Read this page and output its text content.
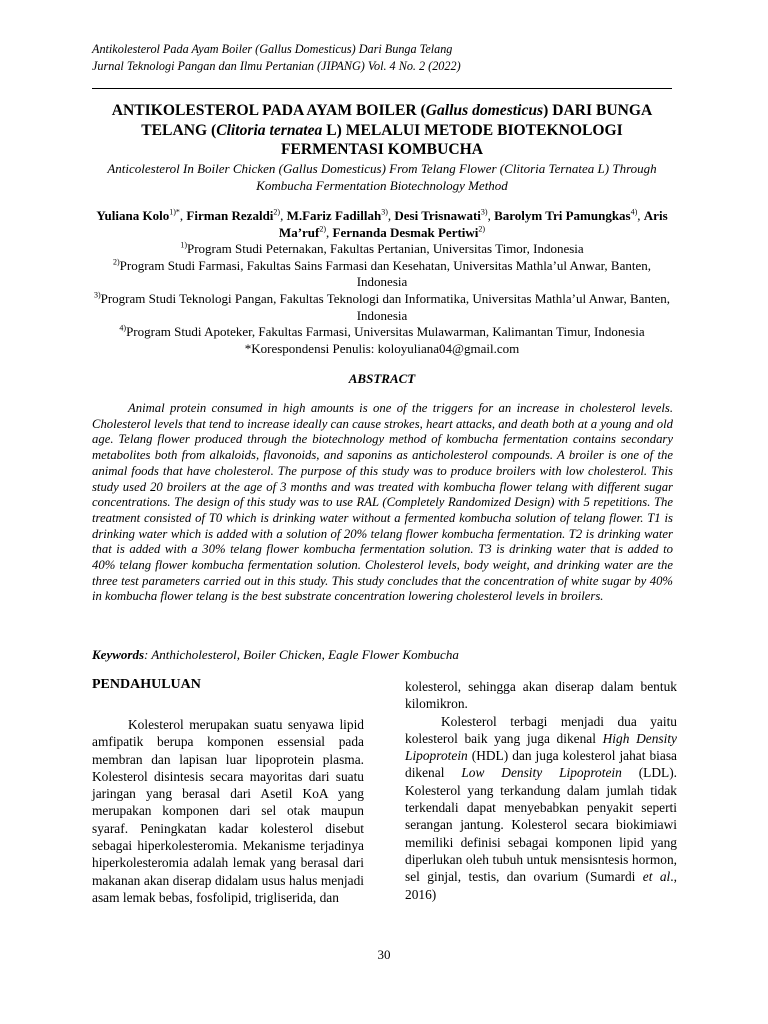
Antikolesterol Pada Ayam Boiler (Gallus Domesticus) Dari Bunga Telang
Jurnal Teknologi Pangan dan Ilmu Pertanian (JIPANG) Vol. 4 No. 2 (2022)

ANTIKOLESTEROL PADA AYAM BOILER (Gallus domesticus) DARI BUNGA TELANG (Clitoria ternatea L) MELALUI METODE BIOTEKNOLOGI FERMENTASI KOMBUCHA

Anticolesterol In Boiler Chicken (Gallus Domesticus) From Telang Flower (Clitoria Ternatea L) Through Kombucha Fermentation Biotechnology Method

Yuliana Kolo$^{1)*}$, Firman Rezaldi$^{2)}$, M.Fariz Fadillah$^{3)}$, Desi Trisnawati$^{3)}$, Barolym Tri Pamungkas$^{4)}$, Aris Ma’ruf$^{2)}$, Fernanda Desmak Pertiwi$^{2)}$

$^{1)}$Program Studi Peternakan, Fakultas Pertanian, Universitas Timor, Indonesia

$^{2)}$Program Studi Farmasi, Fakultas Sains Farmasi dan Kesehatan, Universitas Mathla’ul Anwar, Banten, Indonesia

$^{3)}$Program Studi Teknologi Pangan, Fakultas Teknologi dan Informatika, Universitas Mathla’ul Anwar, Banten, Indonesia

$^{4)}$Program Studi Apoteker, Fakultas Farmasi, Universitas Mulawarman, Kalimantan Timur, Indonesia

*Korespondensi Penulis: koloyuliana04@gmail.com

ABSTRACT

Animal protein consumed in high amounts is one of the triggers for an increase in cholesterol levels. Cholesterol levels that tend to increase ideally can cause strokes, heart attacks, and death both at a young and old age. Telang flower produced through the biotechnology method of kombucha fermentation contains secondary metabolites both from alkaloids, flavonoids, and saponins as anticholesterol compounds. A broiler is one of the animal foods that have cholesterol. The purpose of this study was to produce broilers with low cholesterol. This study used 20 broilers at the age of 3 months and was treated with kombucha flower telang with different sugar concentrations. The design of this study was to use RAL (Completely Randomized Design) with 5 repetitions. The treatment consisted of T0 which is drinking water without a fermented kombucha solution of telang flower. T1 is drinking water which is added with a solution of 20% telang flower kombucha fermentation. T2 is drinking water that is added with a 30% telang flower kombucha fermentation solution. T3 is drinking water that is added to 40% telang flower kombucha fermentation solution. Cholesterol levels, body weight, and drinking water are the three test parameters carried out in this study. This study concludes that the concentration of white sugar by 40% in kombucha flower telang is the best substrate concentration lowering cholesterol levels in broilers.

Keywords: Anthicholesterol, Boiler Chicken, Eagle Flower Kombucha

PENDAHULUAN

Kolesterol merupakan suatu senyawa lipid amfipatik berupa komponen essensial pada membran dan lapisan luar lipoprotein plasma. Kolesterol disintesis secara mayoritas dari suatu jaringan yang berasal dari Asetil KoA yang merupakan komponen dari sel otak maupun syaraf. Peningkatan kadar kolesterol disebut sebagai hiperkolesteromia. Mekanisme terjadinya hiperkolesteromia adalah lemak yang berasal dari makanan akan diserap didalam usus halus menjadi asam lemak bebas, fosfolipid, trigliserida, dan

kolesterol, sehingga akan diserap dalam bentuk kilomikron.

Kolesterol terbagi menjadi dua yaitu kolesterol baik yang juga dikenal High Density Lipoprotein (HDL) dan juga kolesterol jahat biasa dikenal Low Density Lipoprotein (LDL). Kolesterol yang terkandung dalam jumlah tidak terkendali dapat menyebabkan penyakit seperti serangan jantung. Kolesterol secara biokimiawi memiliki definisi sebagai komponen lipid yang diperlukan oleh tubuh untuk mensisntesis hormon, sel ginjal, testis, dan ovarium (Sumardi et al., 2016)

30
